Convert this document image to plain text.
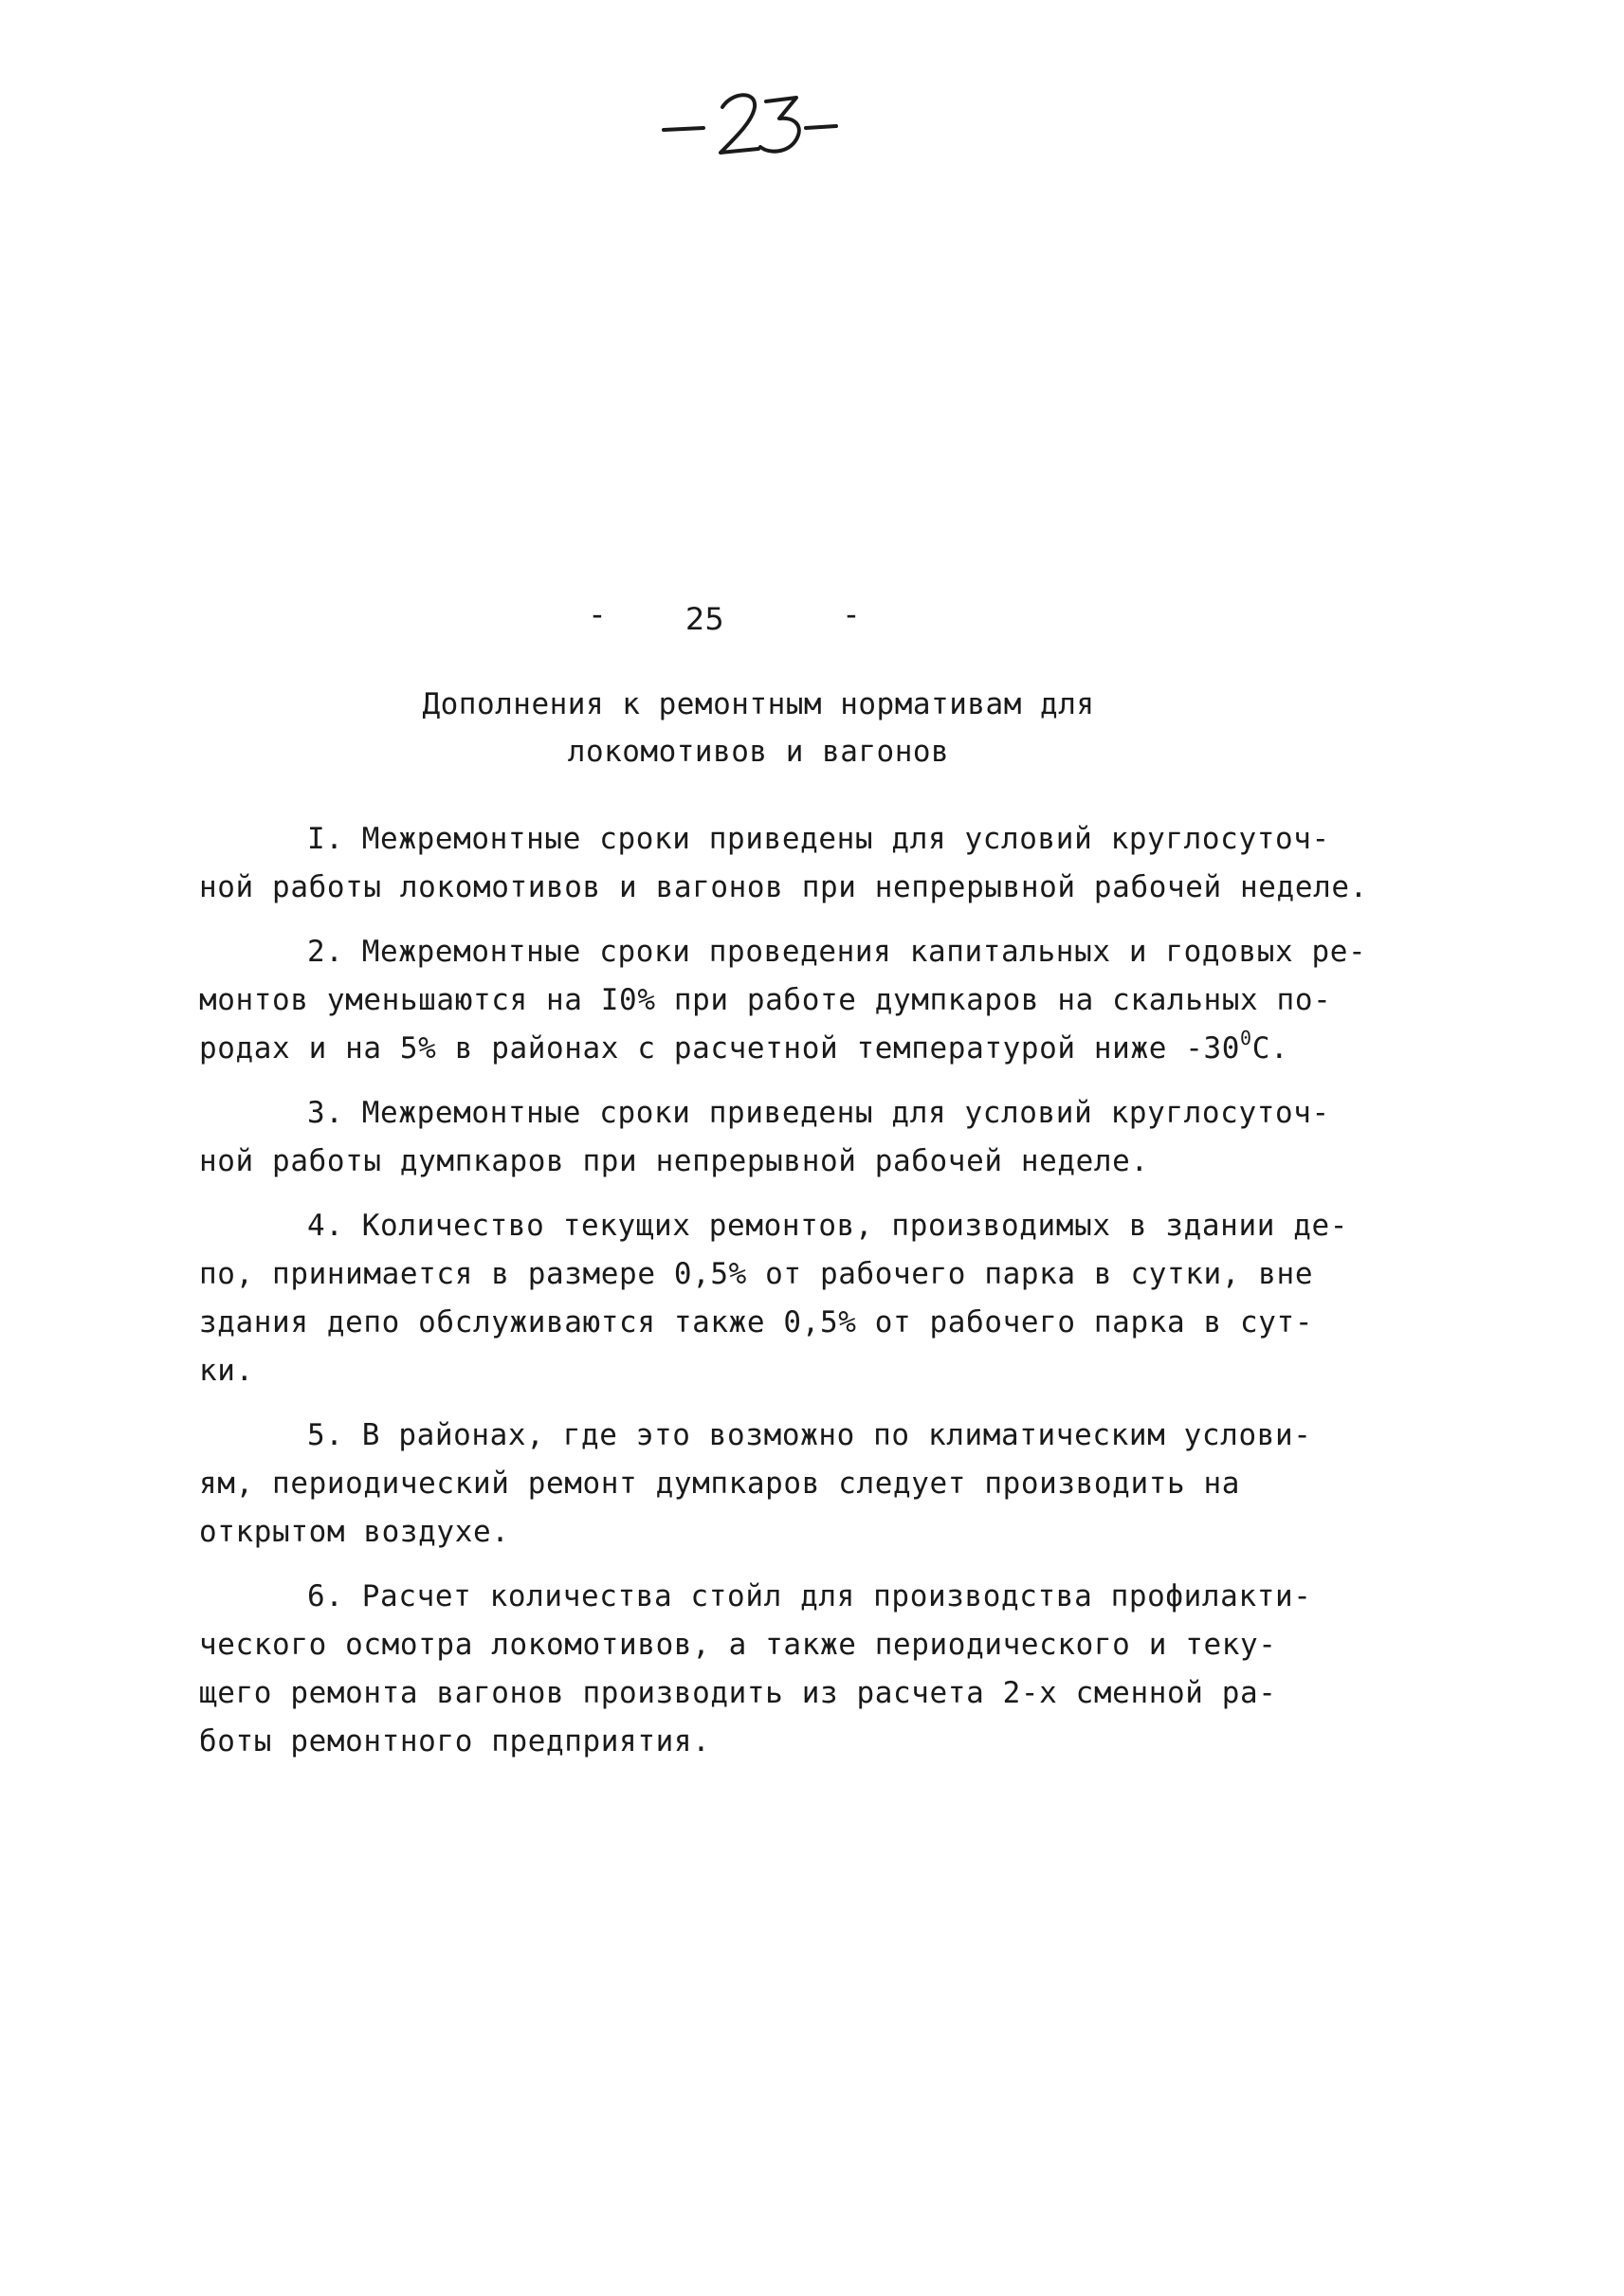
-

	25

	-

Дополнения к ремонтным нормативам для
локомотивов и вагонов
I. Межремонтные сроки приведены для условий круглосуточ-
ной работы локомотивов и вагонов при непрерывной рабочей неделе.
2. Межремонтные сроки проведения капитальных и годовых ре-
монтов уменьшаются на I0% при работе думпкаров на скальных по-
родах и на 5% в районах с расчетной температурой ниже $-30^0С$.
3. Межремонтные сроки приведены для условий круглосуточ-
ной работы думпкаров при непрерывной рабочей неделе.
4. Количество текущих ремонтов, производимых в здании де-
по, принимается в размере 0,5% от рабочего парка в сутки, вне
здания депо обслуживаются также 0,5% от рабочего парка в сут-
ки.
5. В районах, где это возможно по климатическим услови-
ям, периодический ремонт думпкаров следует производить на
открытом воздухе.
6. Расчет количества стойл для производства профилакти-
ческого осмотра локомотивов, а также периодического и теку-
щего ремонта вагонов производить из расчета 2-х сменной ра-
боты ремонтного предприятия.
